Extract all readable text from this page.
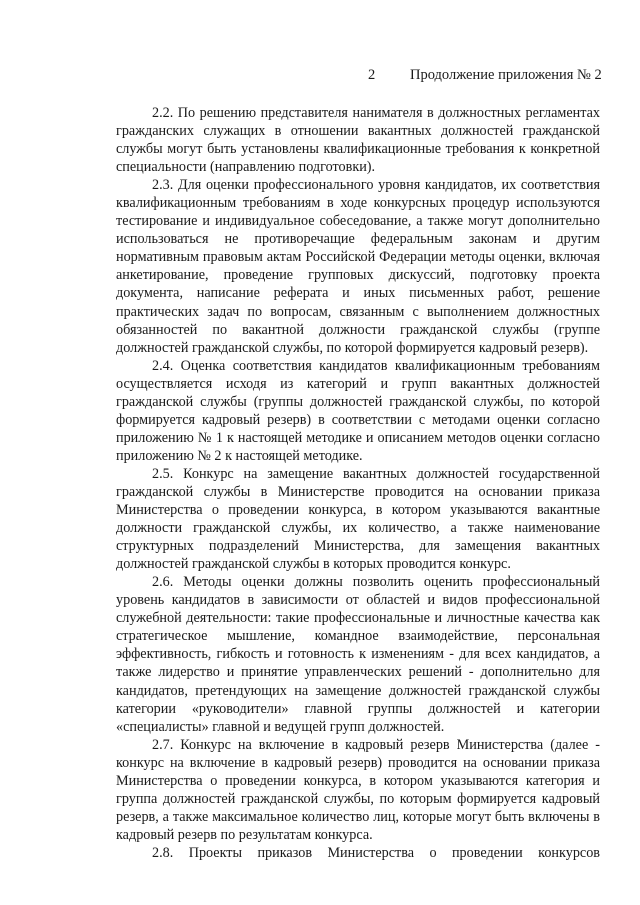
2 Продолжение приложения № 2

2.2. По решению представителя нанимателя в должностных регламентах гражданских служащих в отношении вакантных должностей гражданской службы могут быть установлены квалификационные требования к конкретной специальности (направлению подготовки).

2.3. Для оценки профессионального уровня кандидатов, их соответствия квалификационным требованиям в ходе конкурсных процедур используются тестирование и индивидуальное собеседование, а также могут дополнительно использоваться не противоречащие федеральным законам и другим нормативным правовым актам Российской Федерации методы оценки, включая анкетирование, проведение групповых дискуссий, подготовку проекта документа, написание реферата и иных письменных работ, решение практических задач по вопросам, связанным с выполнением должностных обязанностей по вакантной должности гражданской службы (группе должностей гражданской службы, по которой формируется кадровый резерв).

2.4. Оценка соответствия кандидатов квалификационным требованиям осуществляется исходя из категорий и групп вакантных должностей гражданской службы (группы должностей гражданской службы, по которой формируется кадровый резерв) в соответствии с методами оценки согласно приложению № 1 к настоящей методике и описанием методов оценки согласно приложению № 2 к настоящей методике.

2.5. Конкурс на замещение вакантных должностей государственной гражданской службы в Министерстве проводится на основании приказа Министерства о проведении конкурса, в котором указываются вакантные должности гражданской службы, их количество, а также наименование структурных подразделений Министерства, для замещения вакантных должностей гражданской службы в которых проводится конкурс.

2.6. Методы оценки должны позволить оценить профессиональный уровень кандидатов в зависимости от областей и видов профессиональной служебной деятельности: такие профессиональные и личностные качества как стратегическое мышление, командное взаимодействие, персональная эффективность, гибкость и готовность к изменениям - для всех кандидатов, а также лидерство и принятие управленческих решений - дополнительно для кандидатов, претендующих на замещение должностей гражданской службы категории «руководители» главной группы должностей и категории «специалисты» главной и ведущей групп должностей.

2.7. Конкурс на включение в кадровый резерв Министерства (далее - конкурс на включение в кадровый резерв) проводится на основании приказа Министерства о проведении конкурса, в котором указываются категория и группа должностей гражданской службы, по которым формируется кадровый резерв, а также максимальное количество лиц, которые могут быть включены в кадровый резерв по результатам конкурса.

2.8. Проекты приказов Министерства о проведении конкурсов
